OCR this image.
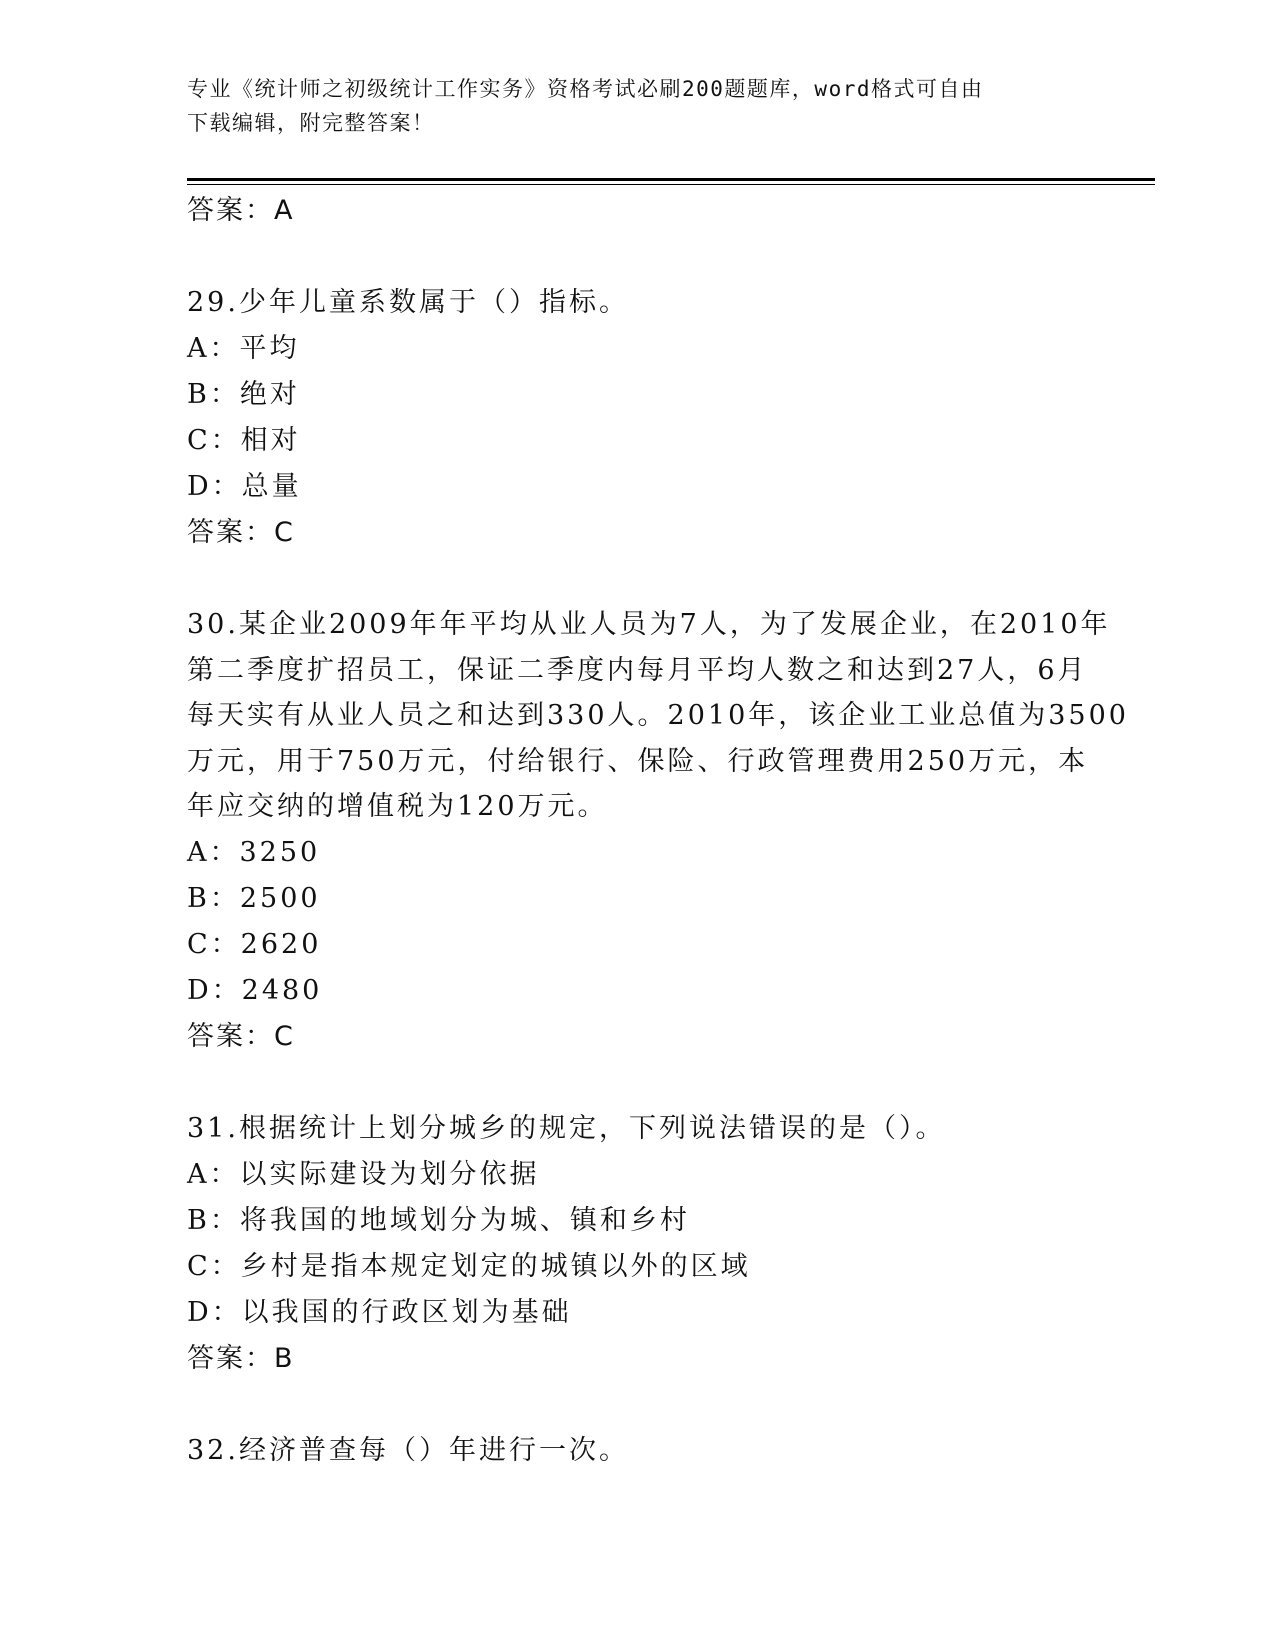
专业《统计师之初级统计工作实务》资格考试必刷200题题库，word格式可自由
下载编辑，附完整答案！
答案：A
29.少年儿童系数属于（）指标。
A：平均
B：绝对
C：相对
D：总量
答案：C
30.某企业2009年年平均从业人员为7人，为了发展企业，在2010年
第二季度扩招员工，保证二季度内每月平均人数之和达到27人，6月
每天实有从业人员之和达到330人。2010年，该企业工业总值为3500
万元，用于750万元，付给银行、保险、行政管理费用250万元，本
年应交纳的增值税为120万元。
A：3250
B：2500
C：2620
D：2480
答案：C
31.根据统计上划分城乡的规定，下列说法错误的是（）。
A：以实际建设为划分依据
B：将我国的地域划分为城、镇和乡村
C：乡村是指本规定划定的城镇以外的区域
D：以我国的行政区划为基础
答案：B
32.经济普查每（）年进行一次。
